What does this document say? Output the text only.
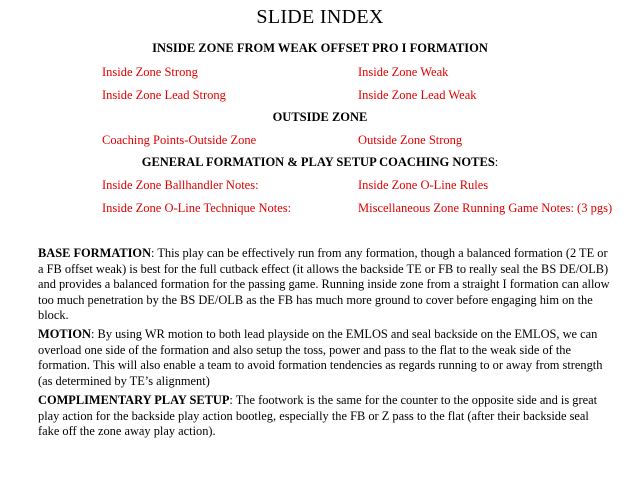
SLIDE INDEX
INSIDE ZONE FROM WEAK OFFSET PRO I FORMATION
Inside Zone Strong	Inside Zone Weak
Inside Zone Lead Strong	Inside Zone Lead Weak
OUTSIDE ZONE
Coaching Points-Outside Zone	Outside Zone Strong
GENERAL FORMATION & PLAY SETUP COACHING NOTES:
Inside Zone Ballhandler Notes:	Inside Zone O-Line Rules
Inside Zone O-Line Technique Notes:	Miscellaneous Zone Running Game Notes: (3 pgs)
BASE FORMATION: This play can be effectively run from any formation, though a balanced formation (2 TE or a FB offset weak) is best for the full cutback effect (it allows the backside TE or FB to really seal the BS DE/OLB) and provides a balanced formation for the passing game. Running inside zone from a straight I formation can allow too much penetration by the BS DE/OLB as the FB has much more ground to cover before engaging him on the block.
MOTION: By using WR motion to both lead playside on the EMLOS and seal backside on the EMLOS, we can overload one side of the formation and also setup the toss, power and pass to the flat to the weak side of the formation. This will also enable a team to avoid formation tendencies as regards running to or away from strength (as determined by TE’s alignment)
COMPLIMENTARY PLAY SETUP: The footwork is the same for the counter to the opposite side and is great play action for the backside play action bootleg, especially the FB or Z pass to the flat (after their backside seal fake off the zone away play action).
